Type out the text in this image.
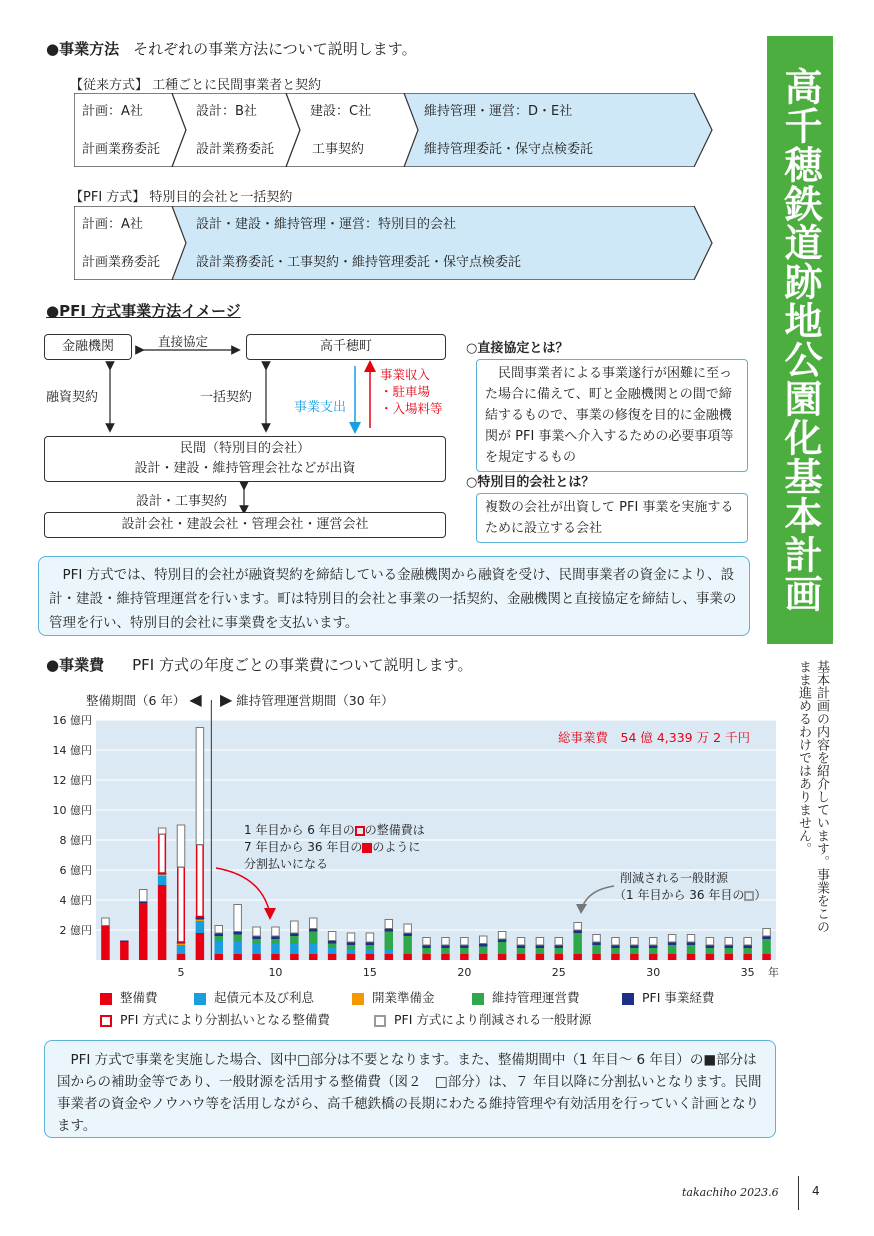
高千穂鉄道跡地公園化基本計画
基本計画の内容を紹介しています。事業をこのまま進めるわけではありません。
●事業方法 それぞれの事業方法について説明します。
【従来方式】 工種ごとに民間事業者と契約
計画：A社
計画業務委託
設計：B社
設計業務委託
建設：C社
工事契約
維持管理・運営：D・E社
維持管理委託・保守点検委託
【PFI 方式】 特別目的会社と一括契約
計画：A社
計画業務委託
設計・建設・維持管理・運営：特別目的会社
設計業務委託・工事契約・維持管理委託・保守点検委託
●PFI 方式事業方法イメージ
金融機関	高千穂町
直接協定
融資契約	一括契約
事業支出
事業収入
・駐車場
・入場料等
民間（特別目的会社）
設計・建設・維持管理会社などが出資
設計・工事契約
設計会社・建設会社・管理会社・運営会社
○直接協定とは？
民間事業者による事業遂行が困難に至った場合に備えて、町と金融機関との間で締結するもので、事業の修復を目的に金融機関が PFI 事業へ介入するための必要事項等を規定するもの
○特別目的会社とは？
複数の会社が出資して PFI 事業を実施するために設立する会社
PFI 方式では、特別目的会社が融資契約を締結している金融機関から融資を受け、民間事業者の資金により、設計・建設・維持管理運営を行います。町は特別目的会社と事業の一括契約、金融機関と直接協定を締結し、事業の管理を行い、特別目的会社に事業費を支払います。
●事業費 PFI 方式の年度ごとの事業費について説明します。
整備期間（6 年） ◀ ▶ 維持管理運営期間（30 年）
2 億円
4 億円
6 億円
8 億円
10 億円
12 億円
14 億円
16 億円
5	10	15	20	25	30	35 年
総事業費　54 億 4,339 万 2 千円
1 年目から 6 年目の の整備費は
7 年目から 36 年目の のように
分割払いになる
削減される一般財源
（1 年目から 36 年目の ）
整備費	起債元本及び利息	開業準備金	維持管理運営費	PFI 事業経費
PFI 方式により分割払いとなる整備費	PFI 方式により削減される一般財源
PFI 方式で事業を実施した場合、図中□部分は不要となります。また、整備期間中（1 年目～ 6 年目）の■部分は国からの補助金等であり、一般財源を活用する整備費（図２　□部分）は、７ 年目以降に分割払いとなります。民間事業者の資金やノウハウ等を活用しながら、高千穂鉄橋の長期にわたる維持管理や有効活用を行っていく計画となります。
takachiho 2023.6	4
